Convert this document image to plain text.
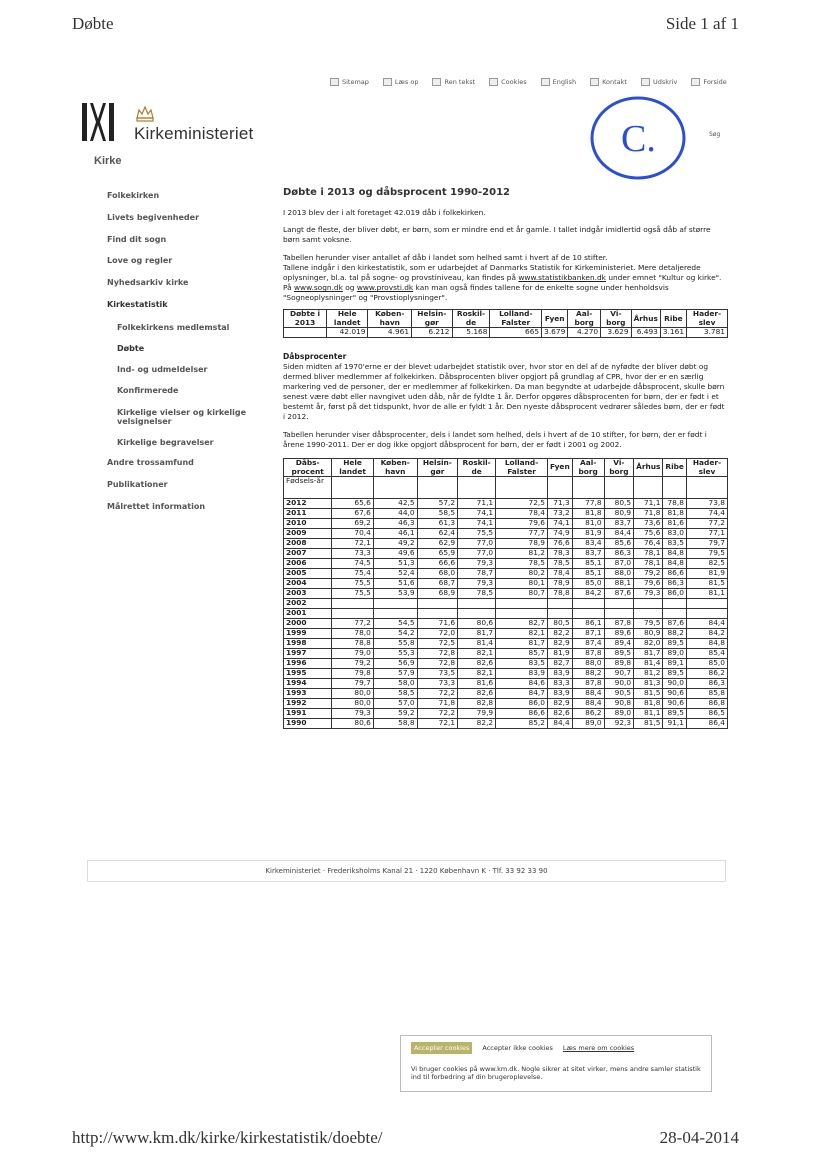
Døbte	Side 1 af 1
Sitemap	Læs op	Ren tekst	Cookies	English	Kontakt	Udskriv	Forside
Kirkeministeriet
Kirke
C.	Søg
Folkekirken
Livets begivenheder
Find dit sogn
Love og regler
Nyhedsarkiv kirke
Kirkestatistik
Folkekirkens medlemstal
Døbte
Ind- og udmeldelser
Konfirmerede
Kirkelige vielser og kirkelige velsignelser
Kirkelige begravelser
Andre trossamfund
Publikationer
Målrettet information
Døbte i 2013 og dåbsprocent 1990-2012

I 2013 blev der i alt foretaget 42.019 dåb i folkekirken.

Langt de fleste, der bliver døbt, er børn, som er mindre end et år gamle. I tallet indgår imidlertid også dåb af større børn samt voksne.

Tabellen herunder viser antallet af dåb i landet som helhed samt i hvert af de 10 stifter.
Tallene indgår i den kirkestatistik, som er udarbejdet af Danmarks Statistik for Kirkeministeriet. Mere detaljerede oplysninger, bl.a. tal på sogne- og provstiniveau, kan findes på www.statistikbanken.dk under emnet "Kultur og kirke". På www.sogn.dk og www.provsti.dk kan man også findes tallene for de enkelte sogne under henholdsvis "Sogneoplysninger" og "Provstioplysninger".

Døbte i 2013	Hele landet	Køben-havn	Helsin-gør	Roskil-de	Lolland-Falster	Fyen	Aal-borg	Vi-borg	Århus	Ribe	Hader-slev
	42.019	4.961	6.212	5.168	665	3.679	4.270	3.629	6.493	3.161	3.781
Dåbsprocenter

Siden midten af 1970'erne er der blevet udarbejdet statistik over, hvor stor en del af de nyfødte der bliver døbt og dermed bliver medlemmer af folkekirken. Dåbsprocenten bliver opgjort på grundlag af CPR, hvor der er en særlig markering ved de personer, der er medlemmer af folkekirken. Da man begyndte at udarbejde dåbsprocent, skulle børn senest være døbt eller navngivet uden dåb, når de fyldte 1 år. Derfor opgøres dåbsprocenten for børn, der er født i et bestemt år, først på det tidspunkt, hvor de alle er fyldt 1 år. Den nyeste dåbsprocent vedrører således børn, der er født i 2012.

Tabellen herunder viser dåbsprocenter, dels i landet som helhed, dels i hvert af de 10 stifter, for børn, der er født i årene 1990-2011. Der er dog ikke opgjort dåbsprocent for børn, der er født i 2001 og 2002.

Dåbs-procent	Hele landet	Køben-havn	Helsin-gør	Roskil-de	Lolland-Falster	Fyen	Aal-borg	Vi-borg	Århus	Ribe	Hader-slev
Fødsels-år											
2012	65,6	42,5	57,2	71,1	72,5	71,3	77,8	80,5	71,1	78,8	73,8
2011	67,6	44,0	58,5	74,1	78,4	73,2	81,8	80,9	71,8	81,8	74,4
2010	69,2	46,3	61,3	74,1	79,6	74,1	81,0	83,7	73,6	81,6	77,2
2009	70,4	46,1	62,4	75,5	77,7	74,9	81,9	84,4	75,6	83,0	77,1
2008	72,1	49,2	62,9	77,0	78,9	76,6	83,4	85,6	76,4	83,5	79,7
2007	73,3	49,6	65,9	77,0	81,2	78,3	83,7	86,3	78,1	84,8	79,5
2006	74,5	51,3	66,6	79,3	78,5	78,5	85,1	87,0	78,1	84,8	82,5
2005	75,4	52,4	68,0	78,7	80,2	78,4	85,1	88,0	79,2	86,6	81,9
2004	75,5	51,6	68,7	79,3	80,1	78,9	85,0	88,1	79,6	86,3	81,5
2003	75,5	53,9	68,9	78,5	80,7	78,8	84,2	87,6	79,3	86,0	81,1
2002											
2001											
2000	77,2	54,5	71,6	80,6	82,7	80,5	86,1	87,8	79,5	87,6	84,4
1999	78,0	54,2	72,0	81,7	82,1	82,2	87,1	89,6	80,9	88,2	84,2
1998	78,8	55,8	72,5	81,4	81,7	82,9	87,4	89,4	82,0	89,5	84,8
1997	79,0	55,3	72,8	82,1	85,7	81,9	87,8	89,5	81,7	89,0	85,4
1996	79,2	56,9	72,8	82,6	83,5	82,7	88,0	89,8	81,4	89,1	85,0
1995	79,8	57,9	73,5	82,1	83,9	83,9	88,2	90,7	81,2	89,5	86,2
1994	79,7	58,0	73,3	81,6	84,6	83,3	87,8	90,0	81,3	90,0	86,3
1993	80,0	58,5	72,2	82,6	84,7	83,9	88,4	90,5	81,5	90,6	85,8
1992	80,0	57,0	71,8	82,8	86,0	82,9	88,4	90,8	81,8	90,6	86,8
1991	79,3	59,2	72,2	79,9	86,6	82,6	86,2	89,0	81,1	89,5	86,5
1990	80,6	58,8	72,1	82,2	85,2	84,4	89,0	92,3	81,5	91,1	86,4
Kirkeministeriet · Frederiksholms Kanal 21 · 1220 København K · Tlf. 33 92 33 90
Accepter cookies	Accepter ikke cookies Læs mere om cookies
Vi bruger cookies på www.km.dk. Nogle sikrer at sitet virker, mens andre samler statistik ind til forbedring af din brugeroplevelse.
http://www.km.dk/kirke/kirkestatistik/doebte/	28-04-2014
